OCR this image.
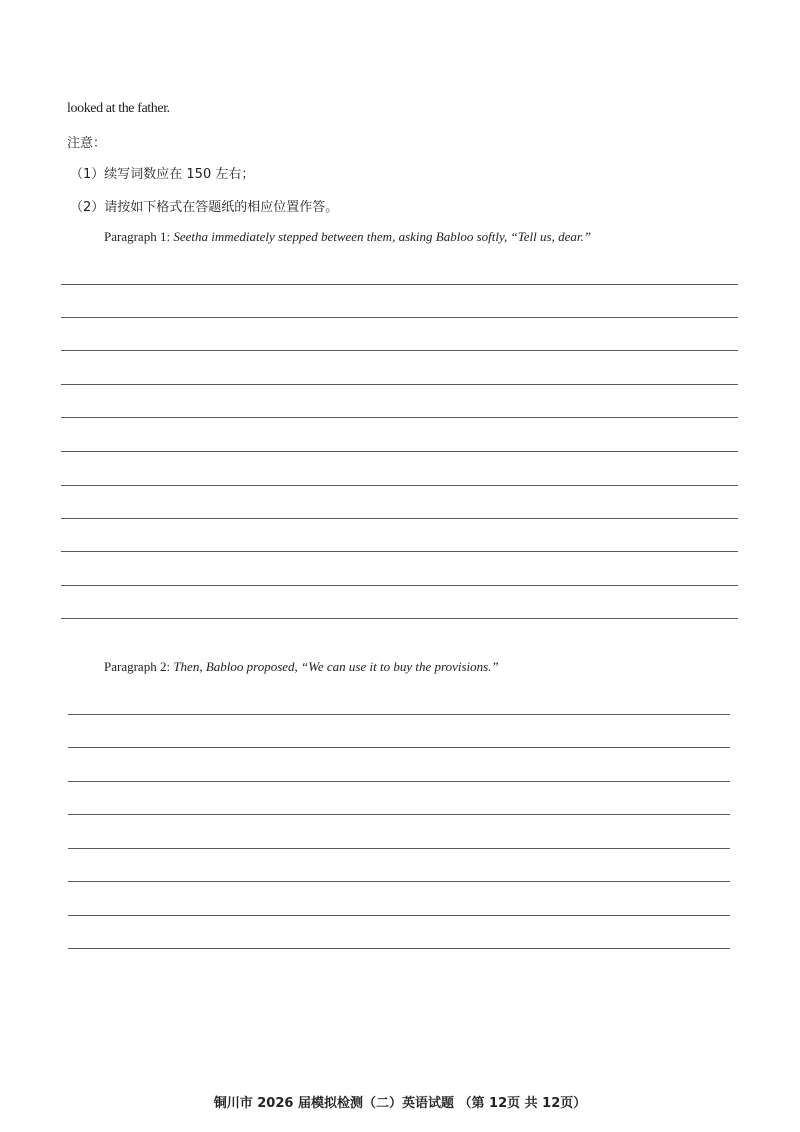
looked at the father.
注意：
（1）续写词数应在 150 左右；
（2）请按如下格式在答题纸的相应位置作答。
Paragraph 1: Seetha immediately stepped between them, asking Babloo softly, “Tell us, dear.”
Paragraph 2: Then, Babloo proposed, “We can use it to buy the provisions.”
铜川市 2026 届模拟检测（二）英语试题 （第 12页 共 12页）
